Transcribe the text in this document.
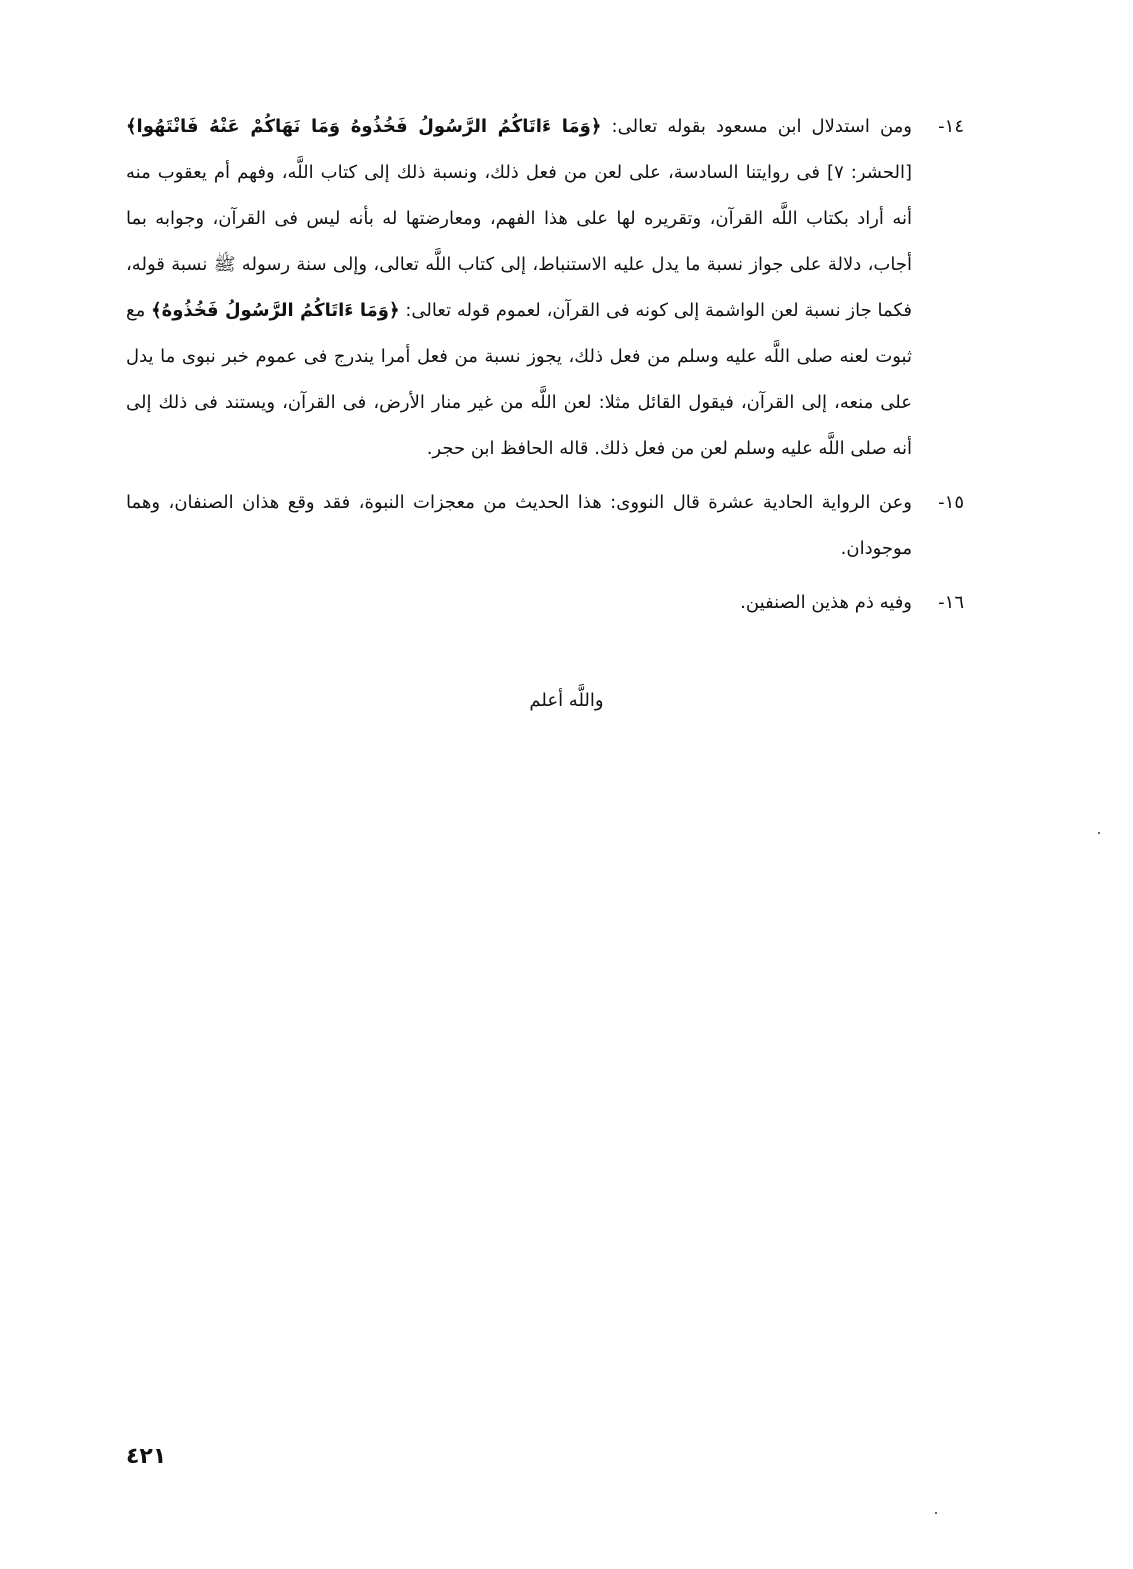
١٤-
ومن استدلال ابن مسعود بقوله تعالى: ﴿وَمَا ءَاتَاكُمُ الرَّسُولُ فَخُذُوهُ وَمَا نَهَاكُمْ عَنْهُ فَانْتَهُوا﴾ [الحشر: ٧] فى روايتنا السادسة، على لعن من فعل ذلك، ونسبة ذلك إلى كتاب اللَّه، وفهم أم يعقوب منه أنه أراد بكتاب اللَّه القرآن، وتقريره لها على هذا الفهم، ومعارضتها له بأنه ليس فى القرآن، وجوابه بما أجاب، دلالة على جواز نسبة ما يدل عليه الاستنباط، إلى كتاب اللَّه تعالى، وإلى سنة رسوله ﷺ نسبة قوله، فكما جاز نسبة لعن الواشمة إلى كونه فى القرآن، لعموم قوله تعالى: ﴿وَمَا ءَاتَاكُمُ الرَّسُولُ فَخُذُوهُ﴾ مع ثبوت لعنه صلى اللَّه عليه وسلم من فعل ذلك، يجوز نسبة من فعل أمرا يندرج فى عموم خبر نبوى ما يدل على منعه، إلى القرآن، فيقول القائل مثلا: لعن اللَّه من غير منار الأرض، فى القرآن، ويستند فى ذلك إلى أنه صلى اللَّه عليه وسلم لعن من فعل ذلك. قاله الحافظ ابن حجر.

١٥-
وعن الرواية الحادية عشرة قال النووى: هذا الحديث من معجزات النبوة، فقد وقع هذان الصنفان، وهما موجودان.

١٦-
وفيه ذم هذين الصنفين.

واللَّه أعلم
٤٢١
